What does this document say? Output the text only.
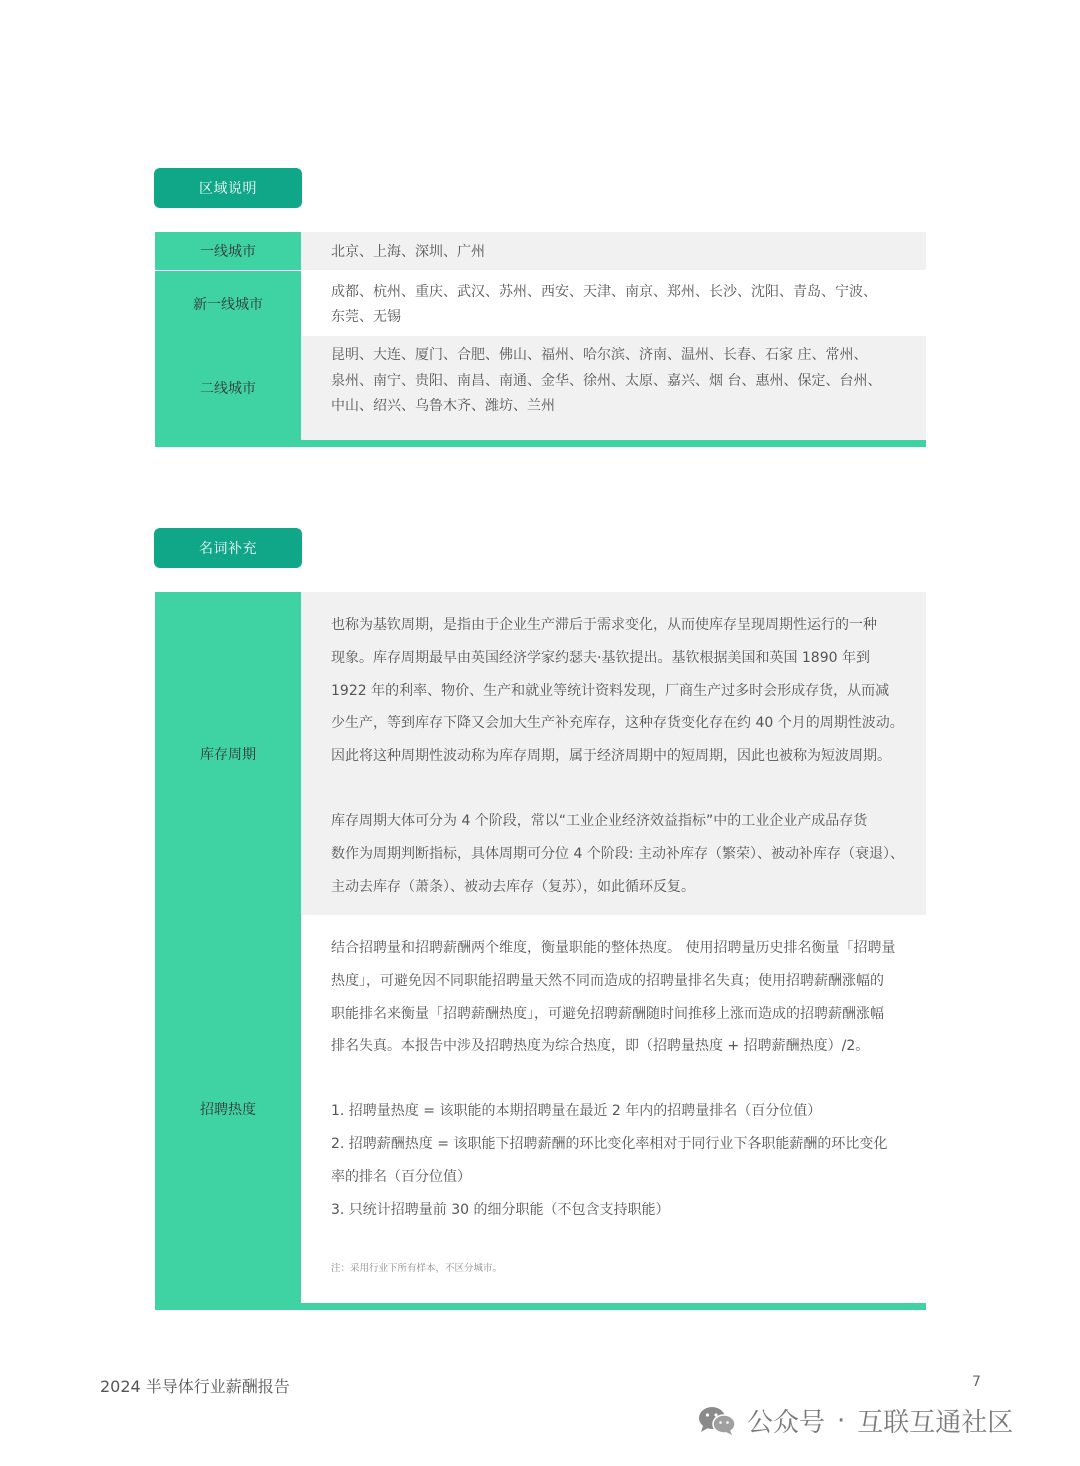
区域说明
一线城市	北京、上海、深圳、广州
新一线城市
成都、杭州、重庆、武汉、苏州、西安、天津、南京、郑州、长沙、沈阳、青岛、宁波、
东莞、无锡
二线城市
昆明、大连、厦门、合肥、佛山、福州、哈尔滨、济南、温州、长春、石家 庄、常州、
泉州、南宁、贵阳、南昌、南通、金华、徐州、太原、嘉兴、烟 台、惠州、保定、台州、
中山、绍兴、乌鲁木齐、潍坊、兰州
名词补充
库存周期

也称为基钦周期，是指由于企业生产滞后于需求变化，从而使库存呈现周期性运行的一种

现象。库存周期最早由英国经济学家约瑟夫·基钦提出。基钦根据美国和英国 1890 年到

1922 年的利率、物价、生产和就业等统计资料发现，厂商生产过多时会形成存货，从而减

少生产，等到库存下降又会加大生产补充库存，这种存货变化存在约 40 个月的周期性波动。

因此将这种周期性波动称为库存周期，属于经济周期中的短周期，因此也被称为短波周期。

库存周期大体可分为 4 个阶段，常以“工业企业经济效益指标”中的工业企业产成品存货

数作为周期判断指标，具体周期可分位 4 个阶段: 主动补库存（繁荣）、被动补库存（衰退）、

主动去库存（萧条）、被动去库存（复苏），如此循环反复。

招聘热度

结合招聘量和招聘薪酬两个维度，衡量职能的整体热度。 使用招聘量历史排名衡量「招聘量

热度」，可避免因不同职能招聘量天然不同而造成的招聘量排名失真；使用招聘薪酬涨幅的

职能排名来衡量「招聘薪酬热度」，可避免招聘薪酬随时间推移上涨而造成的招聘薪酬涨幅

排名失真。本报告中涉及招聘热度为综合热度，即（招聘量热度 + 招聘薪酬热度）/2。

1. 招聘量热度 = 该职能的本期招聘量在最近 2 年内的招聘量排名（百分位值）

2. 招聘薪酬热度 = 该职能下招聘薪酬的环比变化率相对于同行业下各职能薪酬的环比变化

率的排名（百分位值）

3. 只统计招聘量前 30 的细分职能（不包含支持职能）

注：采用行业下所有样本，不区分城市。
2024 半导体行业薪酬报告	7
公众号 · 互联互通社区
